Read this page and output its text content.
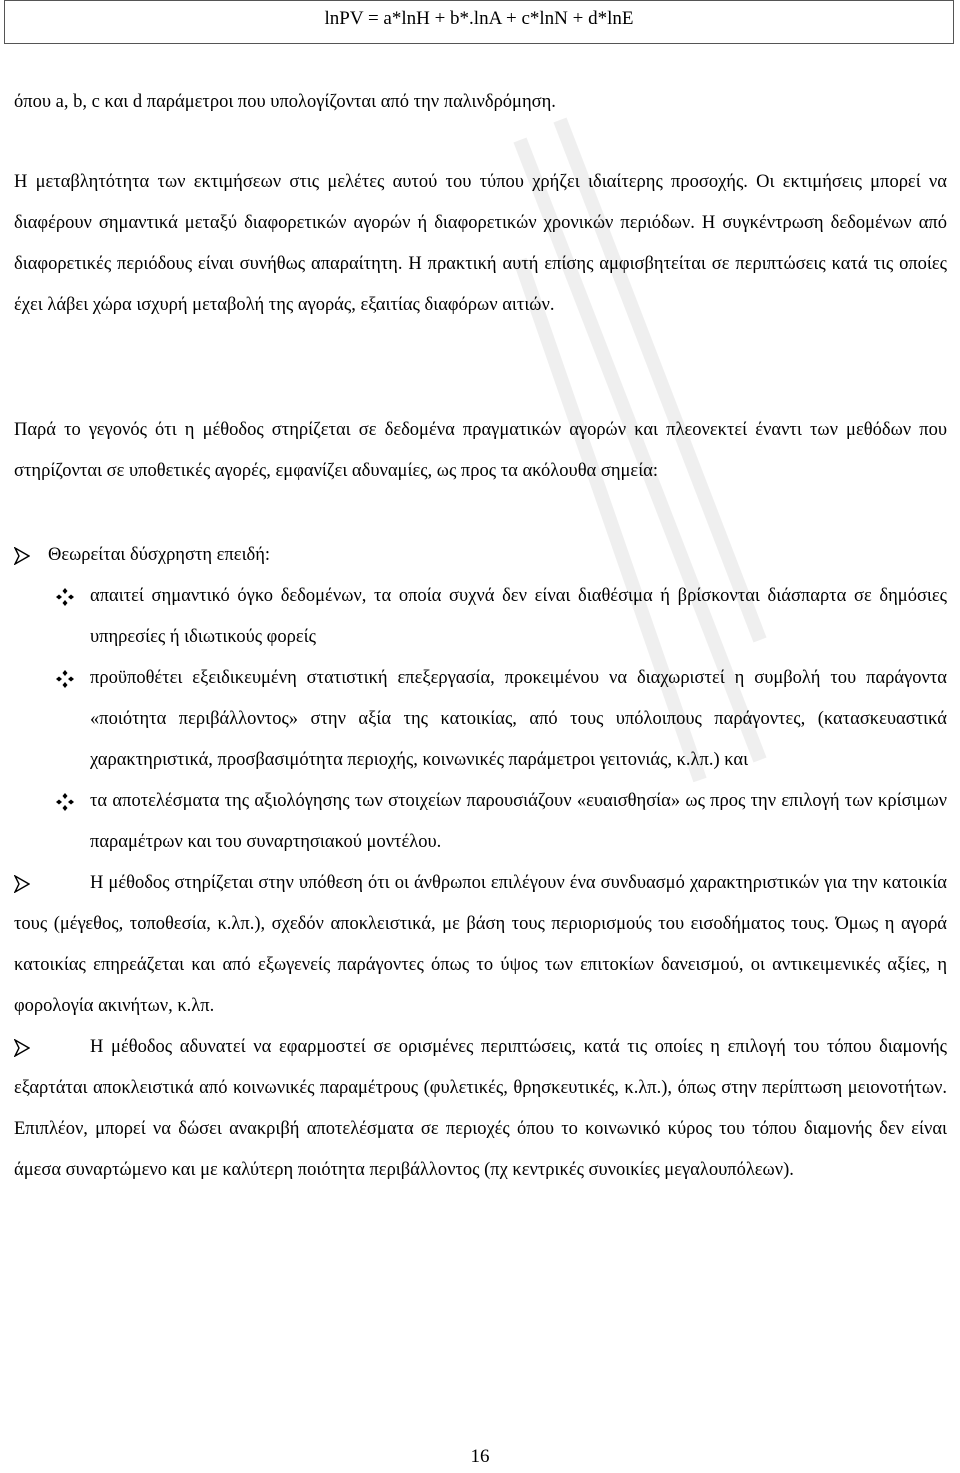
lnPV = a*lnH + b*.lnA + c*lnN + d*lnE
όπου a, b, c και d παράμετροι που υπολογίζονται από την παλινδρόμηση.
Η μεταβλητότητα των εκτιμήσεων στις μελέτες αυτού του τύπου χρήζει ιδιαίτερης προσοχής. Οι εκτιμήσεις μπορεί να διαφέρουν σημαντικά μεταξύ διαφορετικών αγορών ή διαφορετικών χρονικών περιόδων. Η συγκέντρωση δεδομένων από διαφορετικές περιόδους είναι συνήθως απαραίτητη. Η πρακτική αυτή επίσης αμφισβητείται σε περιπτώσεις κατά τις οποίες έχει λάβει χώρα ισχυρή μεταβολή της αγοράς, εξαιτίας διαφόρων αιτιών.
Παρά το γεγονός ότι η μέθοδος στηρίζεται σε δεδομένα πραγματικών αγορών και πλεονεκτεί έναντι των μεθόδων που στηρίζονται σε υποθετικές αγορές, εμφανίζει αδυναμίες, ως προς τα ακόλουθα σημεία:
Θεωρείται δύσχρηστη επειδή:
απαιτεί σημαντικό όγκο δεδομένων, τα οποία συχνά δεν είναι διαθέσιμα ή βρίσκονται διάσπαρτα σε δημόσιες υπηρεσίες ή ιδιωτικούς φορείς
προϋποθέτει εξειδικευμένη στατιστική επεξεργασία, προκειμένου να διαχωριστεί η συμβολή του παράγοντα «ποιότητα περιβάλλοντος» στην αξία της κατοικίας, από τους υπόλοιπους παράγοντες, (κατασκευαστικά χαρακτηριστικά, προσβασιμότητα περιοχής, κοινωνικές παράμετροι γειτονιάς, κ.λπ.) και
τα αποτελέσματα της αξιολόγησης των στοιχείων παρουσιάζουν «ευαισθησία» ως προς την επιλογή των κρίσιμων παραμέτρων και του συναρτησιακού μοντέλου.
Η μέθοδος στηρίζεται στην υπόθεση ότι οι άνθρωποι επιλέγουν ένα συνδυασμό χαρακτηριστικών για την κατοικία τους (μέγεθος, τοποθεσία, κ.λπ.), σχεδόν αποκλειστικά, με βάση τους περιορισμούς του εισοδήματος τους. Όμως η αγορά κατοικίας επηρεάζεται και από εξωγενείς παράγοντες όπως το ύψος των επιτοκίων δανεισμού, οι αντικειμενικές αξίες, η φορολογία ακινήτων, κ.λπ.
Η μέθοδος αδυνατεί να εφαρμοστεί σε ορισμένες περιπτώσεις, κατά τις οποίες η επιλογή του τόπου διαμονής εξαρτάται αποκλειστικά από κοινωνικές παραμέτρους (φυλετικές, θρησκευτικές, κ.λπ.), όπως στην περίπτωση μειονοτήτων. Επιπλέον, μπορεί να δώσει ανακριβή αποτελέσματα σε περιοχές όπου το κοινωνικό κύρος του τόπου διαμονής δεν είναι άμεσα συναρτώμενο και με καλύτερη ποιότητα περιβάλλοντος (πχ κεντρικές συνοικίες μεγαλουπόλεων).
16
